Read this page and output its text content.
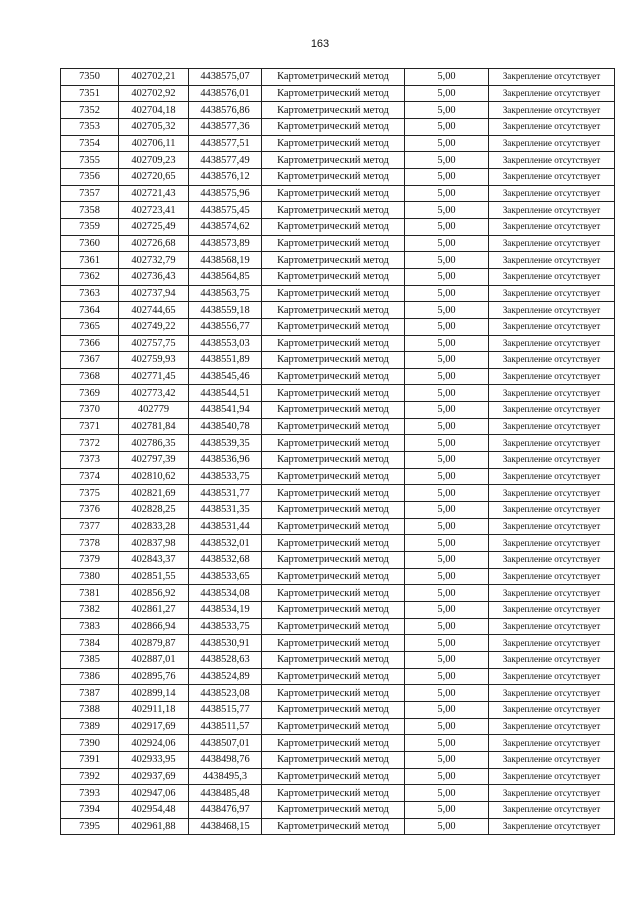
163
7350	402702,21	4438575,07	Картометрический метод	5,00	Закрепление отсутствует
7351	402702,92	4438576,01	Картометрический метод	5,00	Закрепление отсутствует
7352	402704,18	4438576,86	Картометрический метод	5,00	Закрепление отсутствует
7353	402705,32	4438577,36	Картометрический метод	5,00	Закрепление отсутствует
7354	402706,11	4438577,51	Картометрический метод	5,00	Закрепление отсутствует
7355	402709,23	4438577,49	Картометрический метод	5,00	Закрепление отсутствует
7356	402720,65	4438576,12	Картометрический метод	5,00	Закрепление отсутствует
7357	402721,43	4438575,96	Картометрический метод	5,00	Закрепление отсутствует
7358	402723,41	4438575,45	Картометрический метод	5,00	Закрепление отсутствует
7359	402725,49	4438574,62	Картометрический метод	5,00	Закрепление отсутствует
7360	402726,68	4438573,89	Картометрический метод	5,00	Закрепление отсутствует
7361	402732,79	4438568,19	Картометрический метод	5,00	Закрепление отсутствует
7362	402736,43	4438564,85	Картометрический метод	5,00	Закрепление отсутствует
7363	402737,94	4438563,75	Картометрический метод	5,00	Закрепление отсутствует
7364	402744,65	4438559,18	Картометрический метод	5,00	Закрепление отсутствует
7365	402749,22	4438556,77	Картометрический метод	5,00	Закрепление отсутствует
7366	402757,75	4438553,03	Картометрический метод	5,00	Закрепление отсутствует
7367	402759,93	4438551,89	Картометрический метод	5,00	Закрепление отсутствует
7368	402771,45	4438545,46	Картометрический метод	5,00	Закрепление отсутствует
7369	402773,42	4438544,51	Картометрический метод	5,00	Закрепление отсутствует
7370	402779	4438541,94	Картометрический метод	5,00	Закрепление отсутствует
7371	402781,84	4438540,78	Картометрический метод	5,00	Закрепление отсутствует
7372	402786,35	4438539,35	Картометрический метод	5,00	Закрепление отсутствует
7373	402797,39	4438536,96	Картометрический метод	5,00	Закрепление отсутствует
7374	402810,62	4438533,75	Картометрический метод	5,00	Закрепление отсутствует
7375	402821,69	4438531,77	Картометрический метод	5,00	Закрепление отсутствует
7376	402828,25	4438531,35	Картометрический метод	5,00	Закрепление отсутствует
7377	402833,28	4438531,44	Картометрический метод	5,00	Закрепление отсутствует
7378	402837,98	4438532,01	Картометрический метод	5,00	Закрепление отсутствует
7379	402843,37	4438532,68	Картометрический метод	5,00	Закрепление отсутствует
7380	402851,55	4438533,65	Картометрический метод	5,00	Закрепление отсутствует
7381	402856,92	4438534,08	Картометрический метод	5,00	Закрепление отсутствует
7382	402861,27	4438534,19	Картометрический метод	5,00	Закрепление отсутствует
7383	402866,94	4438533,75	Картометрический метод	5,00	Закрепление отсутствует
7384	402879,87	4438530,91	Картометрический метод	5,00	Закрепление отсутствует
7385	402887,01	4438528,63	Картометрический метод	5,00	Закрепление отсутствует
7386	402895,76	4438524,89	Картометрический метод	5,00	Закрепление отсутствует
7387	402899,14	4438523,08	Картометрический метод	5,00	Закрепление отсутствует
7388	402911,18	4438515,77	Картометрический метод	5,00	Закрепление отсутствует
7389	402917,69	4438511,57	Картометрический метод	5,00	Закрепление отсутствует
7390	402924,06	4438507,01	Картометрический метод	5,00	Закрепление отсутствует
7391	402933,95	4438498,76	Картометрический метод	5,00	Закрепление отсутствует
7392	402937,69	4438495,3	Картометрический метод	5,00	Закрепление отсутствует
7393	402947,06	4438485,48	Картометрический метод	5,00	Закрепление отсутствует
7394	402954,48	4438476,97	Картометрический метод	5,00	Закрепление отсутствует
7395	402961,88	4438468,15	Картометрический метод	5,00	Закрепление отсутствует
